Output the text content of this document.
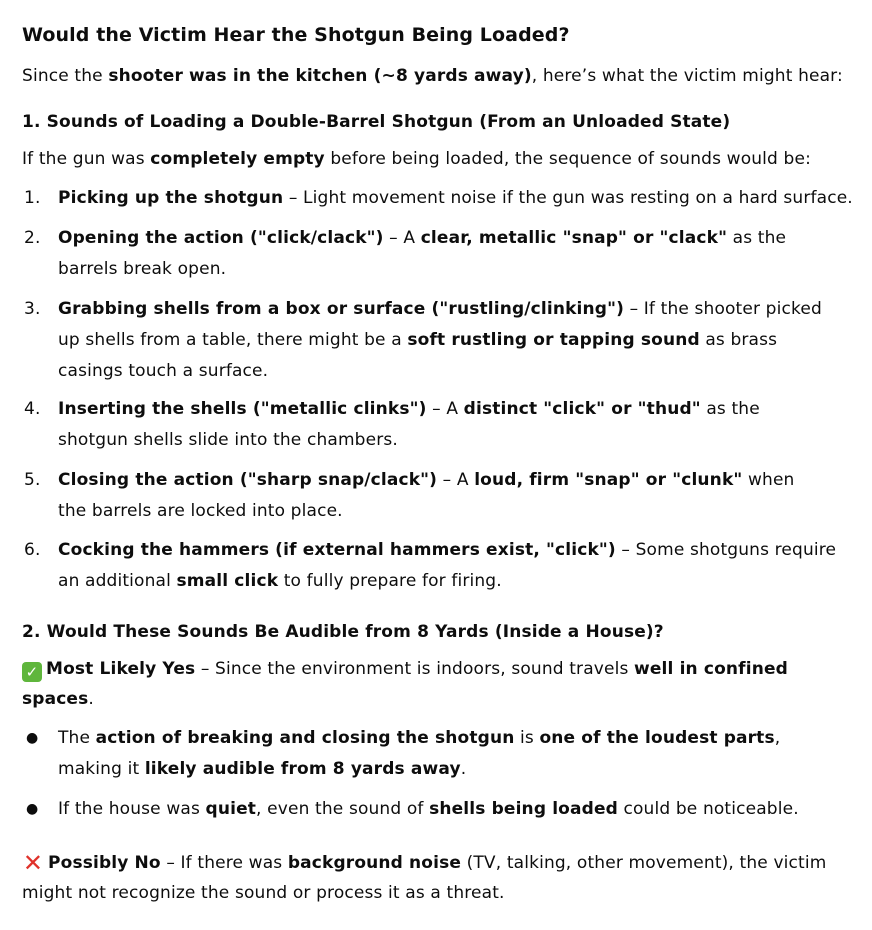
Would the Victim Hear the Shotgun Being Loaded?
Since the shooter was in the kitchen (~8 yards away), here’s what the victim might hear:
1. Sounds of Loading a Double-Barrel Shotgun (From an Unloaded State)
If the gun was completely empty before being loaded, the sequence of sounds would be:
1.	Picking up the shotgun – Light movement noise if the gun was resting on a hard surface.
2.	Opening the action ("click/clack") – A clear, metallic "snap" or "clack" as the barrels break open.
3.	Grabbing shells from a box or surface ("rustling/clinking") – If the shooter picked up shells from a table, there might be a soft rustling or tapping sound as brass casings touch a surface.
4.	Inserting the shells ("metallic clinks") – A distinct "click" or "thud" as the shotgun shells slide into the chambers.
5.	Closing the action ("sharp snap/clack") – A loud, firm "snap" or "clunk" when the barrels are locked into place.
6.	Cocking the hammers (if external hammers exist, "click") – Some shotguns require an additional small click to fully prepare for firing.
2. Would These Sounds Be Audible from 8 Yards (Inside a House)?
✓ Most Likely Yes – Since the environment is indoors, sound travels well in confined spaces.
● The action of breaking and closing the shotgun is one of the loudest parts, making it likely audible from 8 yards away.
● If the house was quiet, even the sound of shells being loaded could be noticeable.
✕ Possibly No – If there was background noise (TV, talking, other movement), the victim might not recognize the sound or process it as a threat.
